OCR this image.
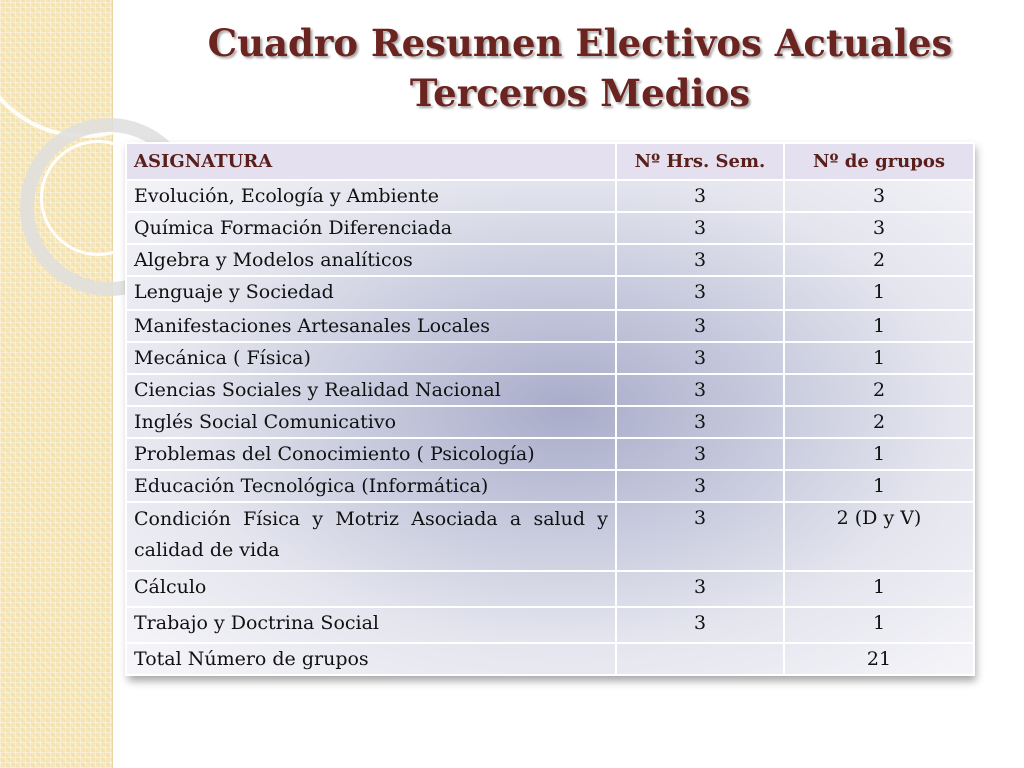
Cuadro Resumen Electivos Actuales
Terceros Medios
ASIGNATURA	Nº Hrs. Sem.	Nº de grupos
Evolución, Ecología y Ambiente	3	3
Química Formación Diferenciada	3	3
Algebra y Modelos analíticos	3	2
Lenguaje y Sociedad	3	1
Manifestaciones Artesanales Locales	3	1
Mecánica ( Física)	3	1
Ciencias Sociales y Realidad Nacional	3	2
Inglés Social Comunicativo	3	2
Problemas del Conocimiento ( Psicología)	3	1
Educación Tecnológica (Informática)	3	1
Condición Física y Motriz Asociada a salud y calidad de vida	3	2 (D y V)
Cálculo	3	1
Trabajo y Doctrina Social	3	1
Total Número de grupos		21
